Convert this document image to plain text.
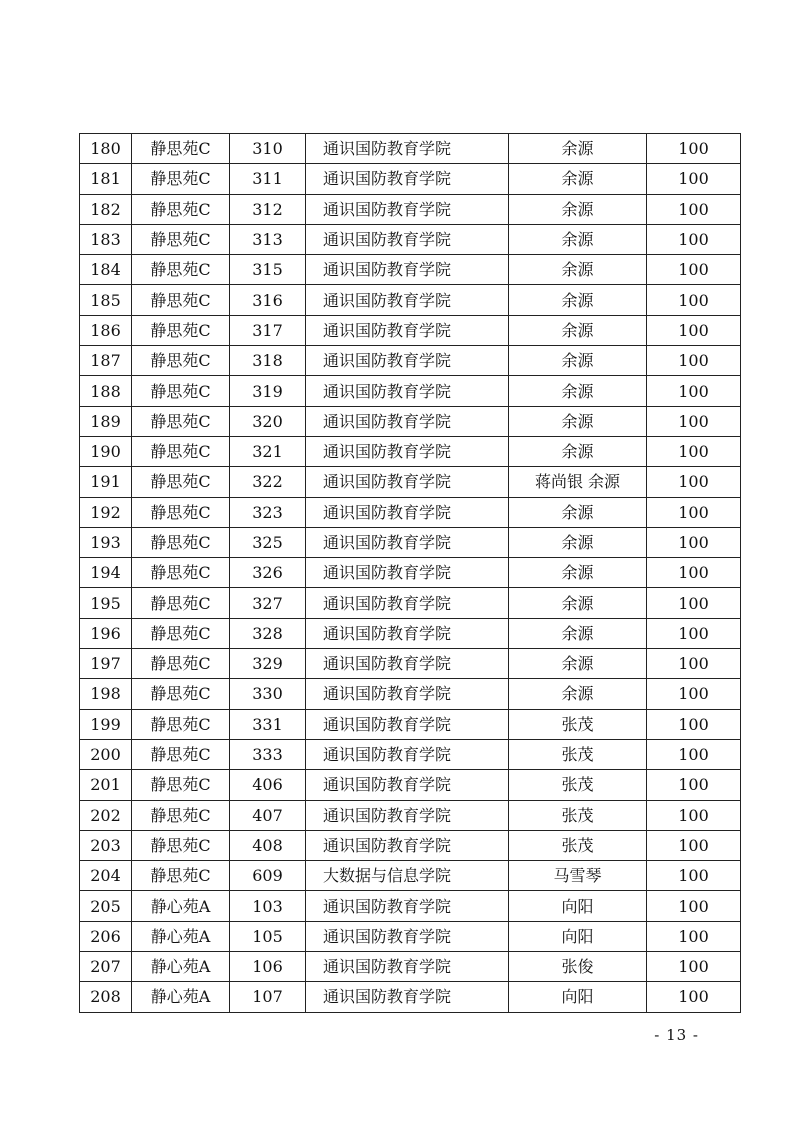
180	静思苑C	310	通识国防教育学院	余源	100
181	静思苑C	311	通识国防教育学院	余源	100
182	静思苑C	312	通识国防教育学院	余源	100
183	静思苑C	313	通识国防教育学院	余源	100
184	静思苑C	315	通识国防教育学院	余源	100
185	静思苑C	316	通识国防教育学院	余源	100
186	静思苑C	317	通识国防教育学院	余源	100
187	静思苑C	318	通识国防教育学院	余源	100
188	静思苑C	319	通识国防教育学院	余源	100
189	静思苑C	320	通识国防教育学院	余源	100
190	静思苑C	321	通识国防教育学院	余源	100
191	静思苑C	322	通识国防教育学院	蒋尚银 余源	100
192	静思苑C	323	通识国防教育学院	余源	100
193	静思苑C	325	通识国防教育学院	余源	100
194	静思苑C	326	通识国防教育学院	余源	100
195	静思苑C	327	通识国防教育学院	余源	100
196	静思苑C	328	通识国防教育学院	余源	100
197	静思苑C	329	通识国防教育学院	余源	100
198	静思苑C	330	通识国防教育学院	余源	100
199	静思苑C	331	通识国防教育学院	张茂	100
200	静思苑C	333	通识国防教育学院	张茂	100
201	静思苑C	406	通识国防教育学院	张茂	100
202	静思苑C	407	通识国防教育学院	张茂	100
203	静思苑C	408	通识国防教育学院	张茂	100
204	静思苑C	609	大数据与信息学院	马雪琴	100
205	静心苑A	103	通识国防教育学院	向阳	100
206	静心苑A	105	通识国防教育学院	向阳	100
207	静心苑A	106	通识国防教育学院	张俊	100
208	静心苑A	107	通识国防教育学院	向阳	100
- 13 -
